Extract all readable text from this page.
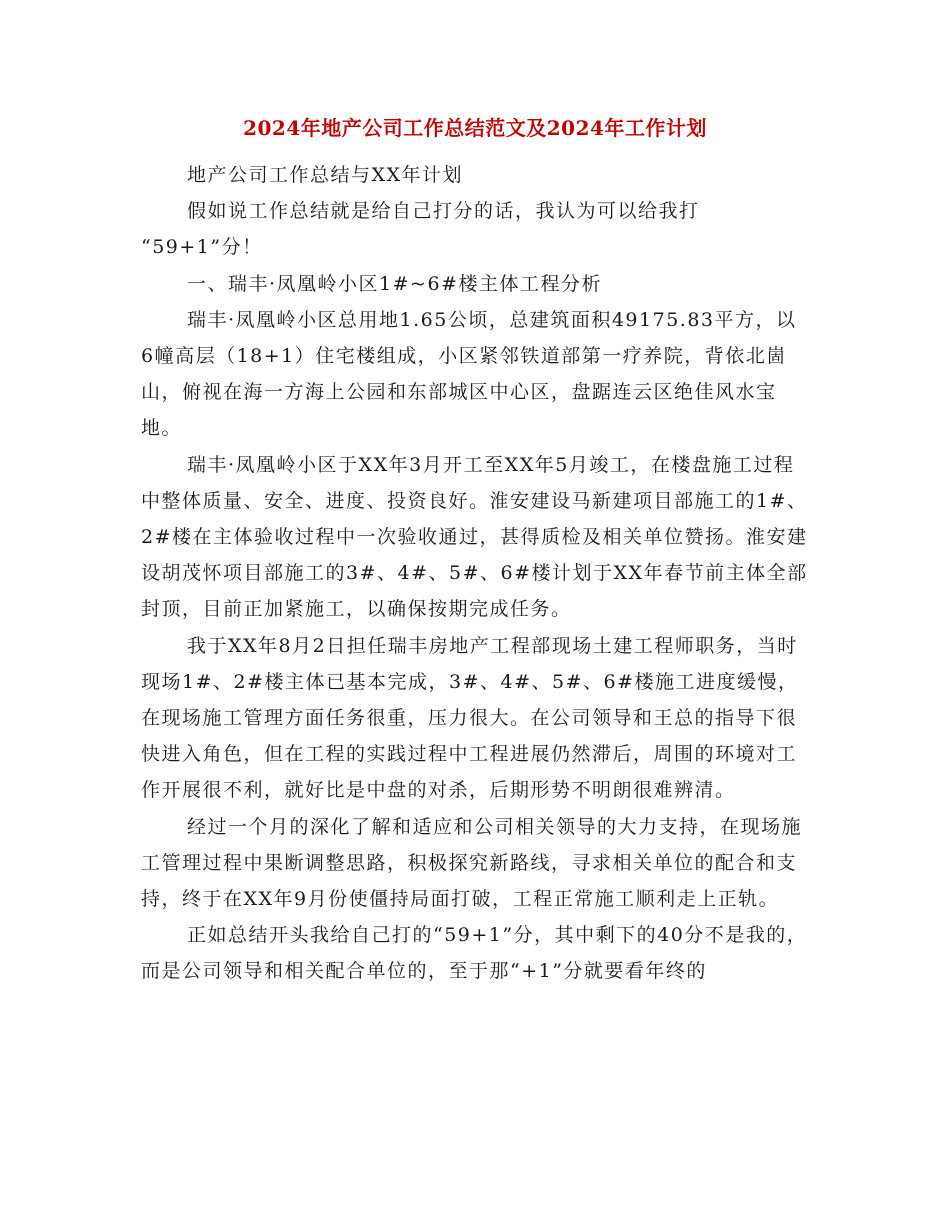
2024年地产公司工作总结范文及2024年工作计划

地产公司工作总结与XX年计划

假如说工作总结就是给自己打分的话，我认为可以给我打

“59+1”分！

一、瑞丰·凤凰岭小区1#~6#楼主体工程分析

瑞丰·凤凰岭小区总用地1.65公顷，总建筑面积49175.83平方，以6幢高层（18+1）住宅楼组成，小区紧邻铁道部第一疗养院，背依北崮山，俯视在海一方海上公园和东部城区中心区，盘踞连云区绝佳风水宝地。

瑞丰·凤凰岭小区于XX年3月开工至XX年5月竣工，在楼盘施工过程中整体质量、安全、进度、投资良好。淮安建设马新建项目部施工的1#、2#楼在主体验收过程中一次验收通过，甚得质检及相关单位赞扬。淮安建设胡茂怀项目部施工的3#、4#、5#、6#楼计划于XX年春节前主体全部封顶，目前正加紧施工，以确保按期完成任务。

我于XX年8月2日担任瑞丰房地产工程部现场土建工程师职务，当时现场1#、2#楼主体已基本完成，3#、4#、5#、6#楼施工进度缓慢，在现场施工管理方面任务很重，压力很大。在公司领导和王总的指导下很快进入角色，但在工程的实践过程中工程进展仍然滞后，周围的环境对工作开展很不利，就好比是中盘的对杀，后期形势不明朗很难辨清。

经过一个月的深化了解和适应和公司相关领导的大力支持，在现场施工管理过程中果断调整思路，积极探究新路线，寻求相关单位的配合和支持，终于在XX年9月份使僵持局面打破，工程正常施工顺利走上正轨。

正如总结开头我给自己打的“59+1”分，其中剩下的40分不是我的，而是公司领导和相关配合单位的，至于那“+1”分就要看年终的
